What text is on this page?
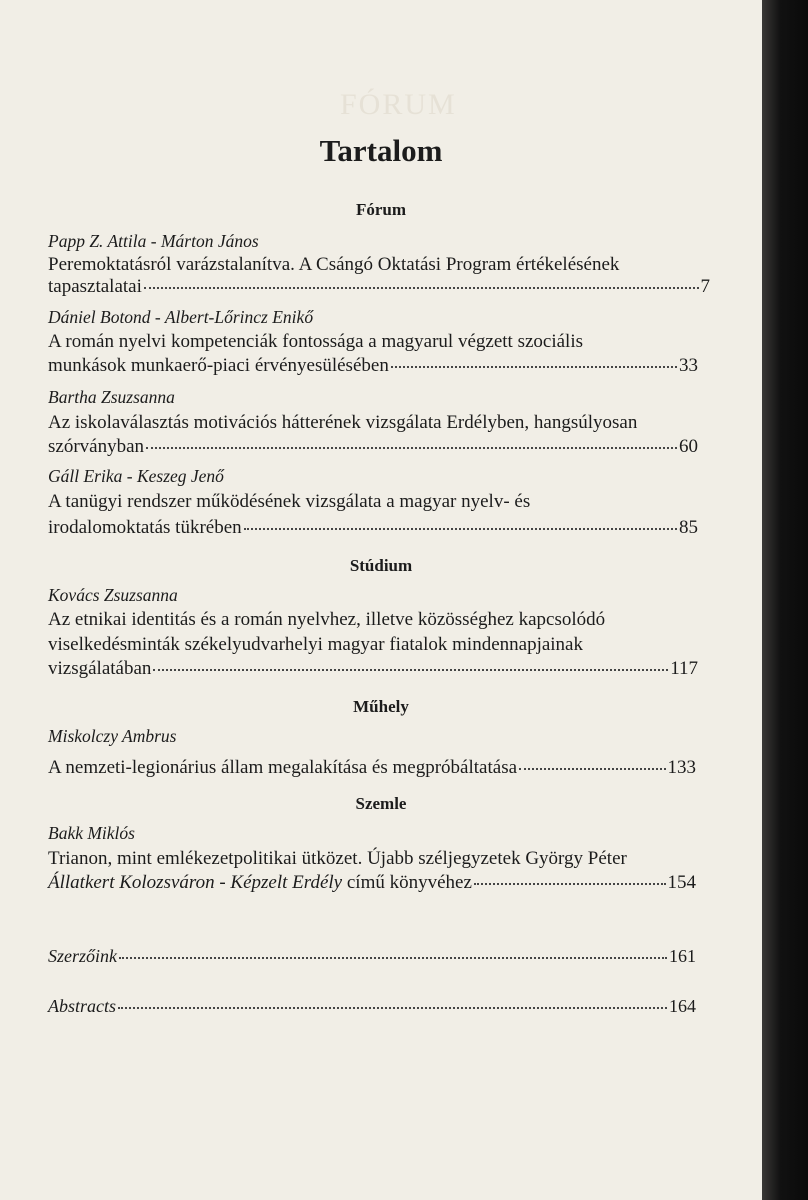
FÓRUM
Tartalom
Fórum
Papp Z. Attila - Márton János
Peremoktatásról varázstalanítva. A Csángó Oktatási Program értékelésének
tapasztalatai	7
Dániel Botond - Albert-Lőrincz Enikő
A román nyelvi kompetenciák fontossága a magyarul végzett szociális
munkások munkaerő-piaci érvényesülésében	33
Bartha Zsuzsanna
Az iskolaválasztás motivációs hátterének vizsgálata Erdélyben, hangsúlyosan
szórványban	60
Gáll Erika - Keszeg Jenő
A tanügyi rendszer működésének vizsgálata a magyar nyelv- és
irodalomoktatás tükrében	85
Stúdium
Kovács Zsuzsanna
Az etnikai identitás és a román nyelvhez, illetve közösséghez kapcsolódó
viselkedésminták székelyudvarhelyi magyar fiatalok mindennapjainak
vizsgálatában	117
Műhely
Miskolczy Ambrus
A nemzeti-legionárius állam megalakítása és megpróbáltatása	133
Szemle
Bakk Miklós
Trianon, mint emlékezetpolitikai ütközet. Újabb széljegyzetek György Péter
Állatkert Kolozsváron - Képzelt Erdély című könyvéhez	154
Szerzőink	161
Abstracts	164
